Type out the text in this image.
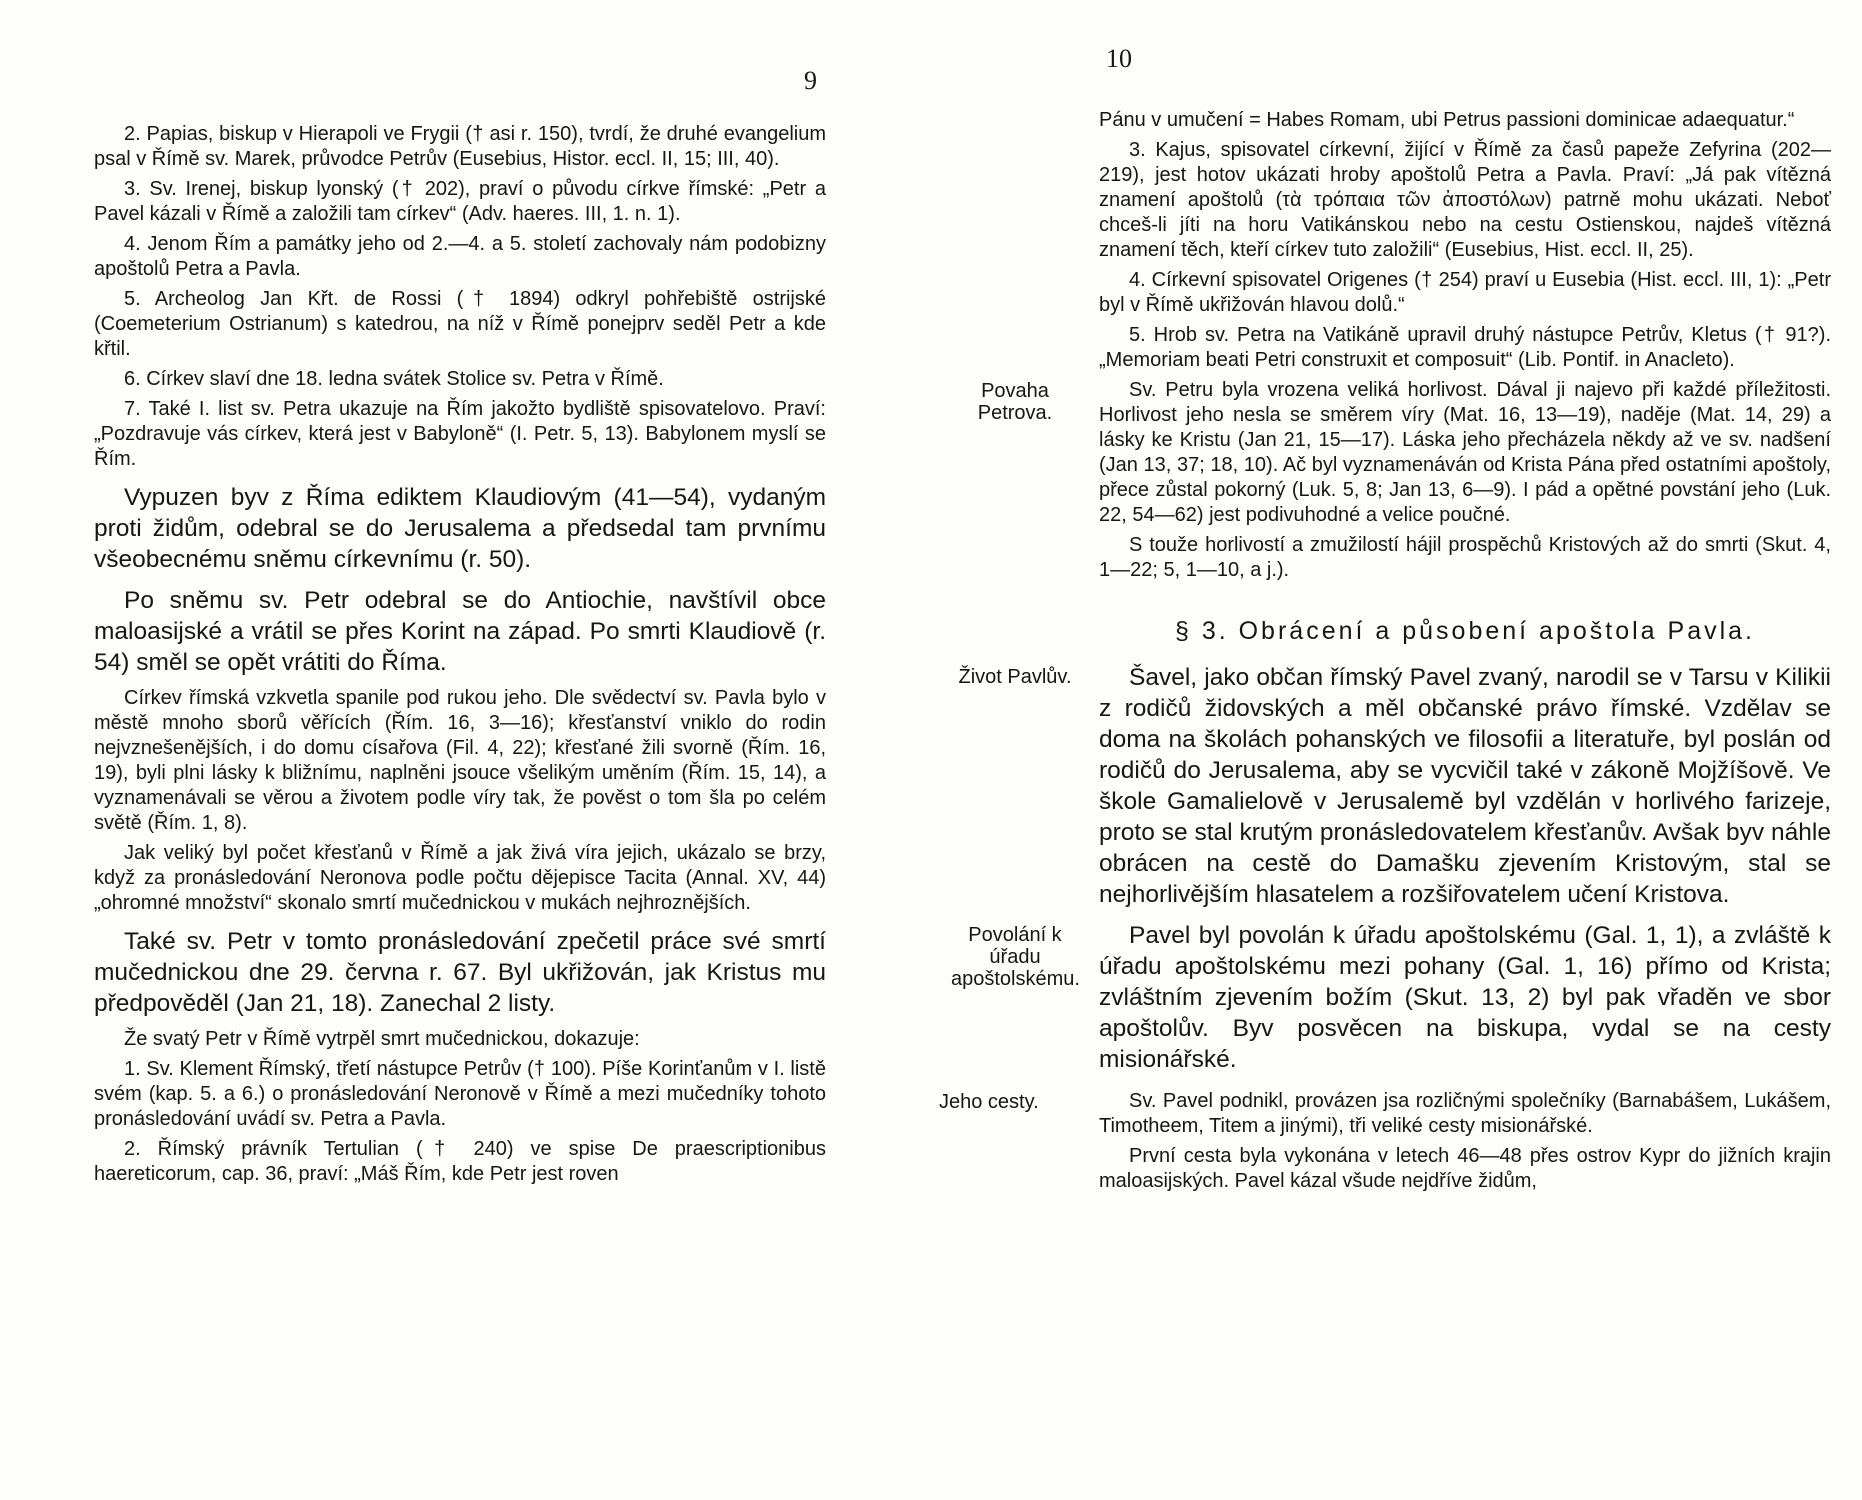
9

2. Papias, biskup v Hierapoli ve Frygii († asi r. 150), tvrdí, že druhé evangelium psal v Římě sv. Marek, průvodce Petrův (Eusebius, Histor. eccl. II, 15; III, 40).

3. Sv. Irenej, biskup lyonský († 202), praví o původu církve římské: „Petr a Pavel kázali v Římě a založili tam církev“ (Adv. haeres. III, 1. n. 1).

4. Jenom Řím a památky jeho od 2.—4. a 5. století zachovaly nám podobizny apoštolů Petra a Pavla.

5. Archeolog Jan Křt. de Rossi († 1894) odkryl pohřebiště ostrijské (Coemeterium Ostrianum) s katedrou, na níž v Římě ponejprv seděl Petr a kde křtil.

6. Církev slaví dne 18. ledna svátek Stolice sv. Petra v Římě.

7. Také I. list sv. Petra ukazuje na Řím jakožto bydliště spisovatelovo. Praví: „Pozdravuje vás církev, která jest v Babyloně“ (I. Petr. 5, 13). Babylonem myslí se Řím.

Vypuzen byv z Říma ediktem Klaudiovým (41—54), vydaným proti židům, odebral se do Jerusalema a předsedal tam prvnímu všeobecnému sněmu církevnímu (r. 50).

Po sněmu sv. Petr odebral se do Antiochie, navštívil obce maloasijské a vrátil se přes Korint na západ. Po smrti Klaudiově (r. 54) směl se opět vrátiti do Říma.

Církev římská vzkvetla spanile pod rukou jeho. Dle svědectví sv. Pavla bylo v městě mnoho sborů věřících (Řím. 16, 3—16); křesťanství vniklo do rodin nejvznešenějších, i do domu císařova (Fil. 4, 22); křesťané žili svorně (Řím. 16, 19), byli plni lásky k bližnímu, naplněni jsouce všelikým uměním (Řím. 15, 14), a vyznamenávali se věrou a životem podle víry tak, že pověst o tom šla po celém světě (Řím. 1, 8).

Jak veliký byl počet křesťanů v Římě a jak živá víra jejich, ukázalo se brzy, když za pronásledování Neronova podle počtu dějepisce Tacita (Annal. XV, 44) „ohromné množství“ skonalo smrtí mučednickou v mukách nejhroznějších.

Také sv. Petr v tomto pronásledování zpečetil práce své smrtí mučednickou dne 29. června r. 67. Byl ukřižován, jak Kristus mu předpověděl (Jan 21, 18). Zanechal 2 listy.

Že svatý Petr v Římě vytrpěl smrt mučednickou, dokazuje:

1. Sv. Klement Římský, třetí nástupce Petrův († 100). Píše Korinťanům v I. listě svém (kap. 5. a 6.) o pronásledování Neronově v Římě a mezi mučedníky tohoto pronásledování uvádí sv. Petra a Pavla.

2. Římský právník Tertulian († 240) ve spise De praescriptionibus haereticorum, cap. 36, praví: „Máš Řím, kde Petr jest roven

10

Pánu v umučení = Habes Romam, ubi Petrus passioni dominicae adaequatur.“

3. Kajus, spisovatel církevní, žijící v Římě za časů papeže Zefyrina (202—219), jest hotov ukázati hroby apoštolů Petra a Pavla. Praví: „Já pak vítězná znamení apoštolů (τὰ τρόπαια τῶν ἀποστόλων) patrně mohu ukázati. Neboť chceš-li jíti na horu Vatikánskou nebo na cestu Ostienskou, najdeš vítězná znamení těch, kteří církev tuto založili“ (Eusebius, Hist. eccl. II, 25).

4. Církevní spisovatel Origenes († 254) praví u Eusebia (Hist. eccl. III, 1): „Petr byl v Římě ukřižován hlavou dolů.“

5. Hrob sv. Petra na Vatikáně upravil druhý nástupce Petrův, Kletus († 91?). „Memoriam beati Petri construxit et composuit“ (Lib. Pontif. in Anacleto).

Povaha Petrova.

Sv. Petru byla vrozena veliká horlivost. Dával ji najevo při každé příležitosti. Horlivost jeho nesla se směrem víry (Mat. 16, 13—19), naděje (Mat. 14, 29) a lásky ke Kristu (Jan 21, 15—17). Láska jeho přecházela někdy až ve sv. nadšení (Jan 13, 37; 18, 10). Ač byl vyznamenáván od Krista Pána před ostatními apoštoly, přece zůstal pokorný (Luk. 5, 8; Jan 13, 6—9). I pád a opětné povstání jeho (Luk. 22, 54—62) jest podivuhodné a velice poučné.

S touže horlivostí a zmužilostí hájil prospěchů Kristových až do smrti (Skut. 4, 1—22; 5, 1—10, a j.).

§ 3. Obrácení a působení apoštola Pavla.
Život Pavlův.	Šavel, jako občan římský Pavel zvaný, narodil se v Tarsu v Kilikii z rodičů židovských a měl občanské právo římské. Vzdělav se doma na školách pohanských ve filosofii a literatuře, byl poslán od rodičů do Jerusalema, aby se vycvičil také v zákoně Mojžíšově. Ve škole Gamalielově v Jerusalemě byl vzdělán v horlivého farizeje, proto se stal krutým pronásledovatelem křesťanův. Avšak byv náhle obrácen na cestě do Damašku zjevením Kristovým, stal se nejhorlivějším hlasatelem a rozšiřovatelem učení Kristova.

Povolání k úřadu apoštolskému.

Pavel byl povolán k úřadu apoštolskému (Gal. 1, 1), a zvláště k úřadu apoštolskému mezi pohany (Gal. 1, 16) přímo od Krista; zvláštním zjevením božím (Skut. 13, 2) byl pak vřaděn ve sbor apoštolův. Byv posvěcen na biskupa, vydal se na cesty misionářské.

Jeho cesty.	Sv. Pavel podnikl, provázen jsa rozličnými společníky (Barnabášem, Lukášem, Timotheem, Titem a jinými), tři veliké cesty misionářské.

První cesta byla vykonána v letech 46—48 přes ostrov Kypr do jižních krajin maloasijských. Pavel kázal všude nejdříve židům,
